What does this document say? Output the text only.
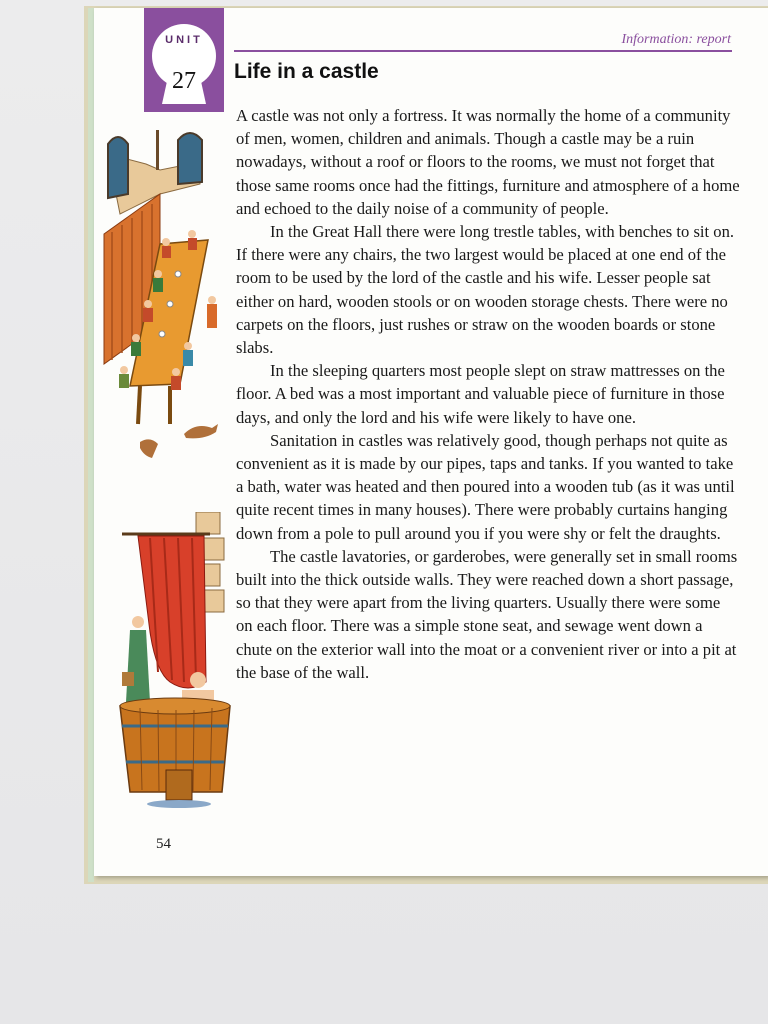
UNIT
27
Information: report
Life in a castle

A castle was not only a fortress. It was normally the home of a community of men, women, children and animals. Though a castle may be a ruin nowadays, without a roof or floors to the rooms, we must not forget that those same rooms once had the fittings, furniture and atmosphere of a home and echoed to the daily noise of a community of people.

In the Great Hall there were long trestle tables, with benches to sit on. If there were any chairs, the two largest would be placed at one end of the room to be used by the lord of the castle and his wife. Lesser people sat either on hard, wooden stools or on wooden storage chests. There were no carpets on the floors, just rushes or straw on the wooden boards or stone slabs.

In the sleeping quarters most people slept on straw mattresses on the floor. A bed was a most important and valuable piece of furniture in those days, and only the lord and his wife were likely to have one.

Sanitation in castles was relatively good, though perhaps not quite as convenient as it is made by our pipes, taps and tanks. If you wanted to take a bath, water was heated and then poured into a wooden tub (as it was until quite recent times in many houses). There were probably curtains hanging down from a pole to pull around you if you were shy or felt the draughts.

The castle lavatories, or garderobes, were generally set in small rooms built into the thick outside walls. They were reached down a short passage, so that they were apart from the living quarters. Usually there were some on each floor. There was a simple stone seat, and sewage went down a chute on the exterior wall into the moat or a convenient river or into a pit at the base of the wall.

54
